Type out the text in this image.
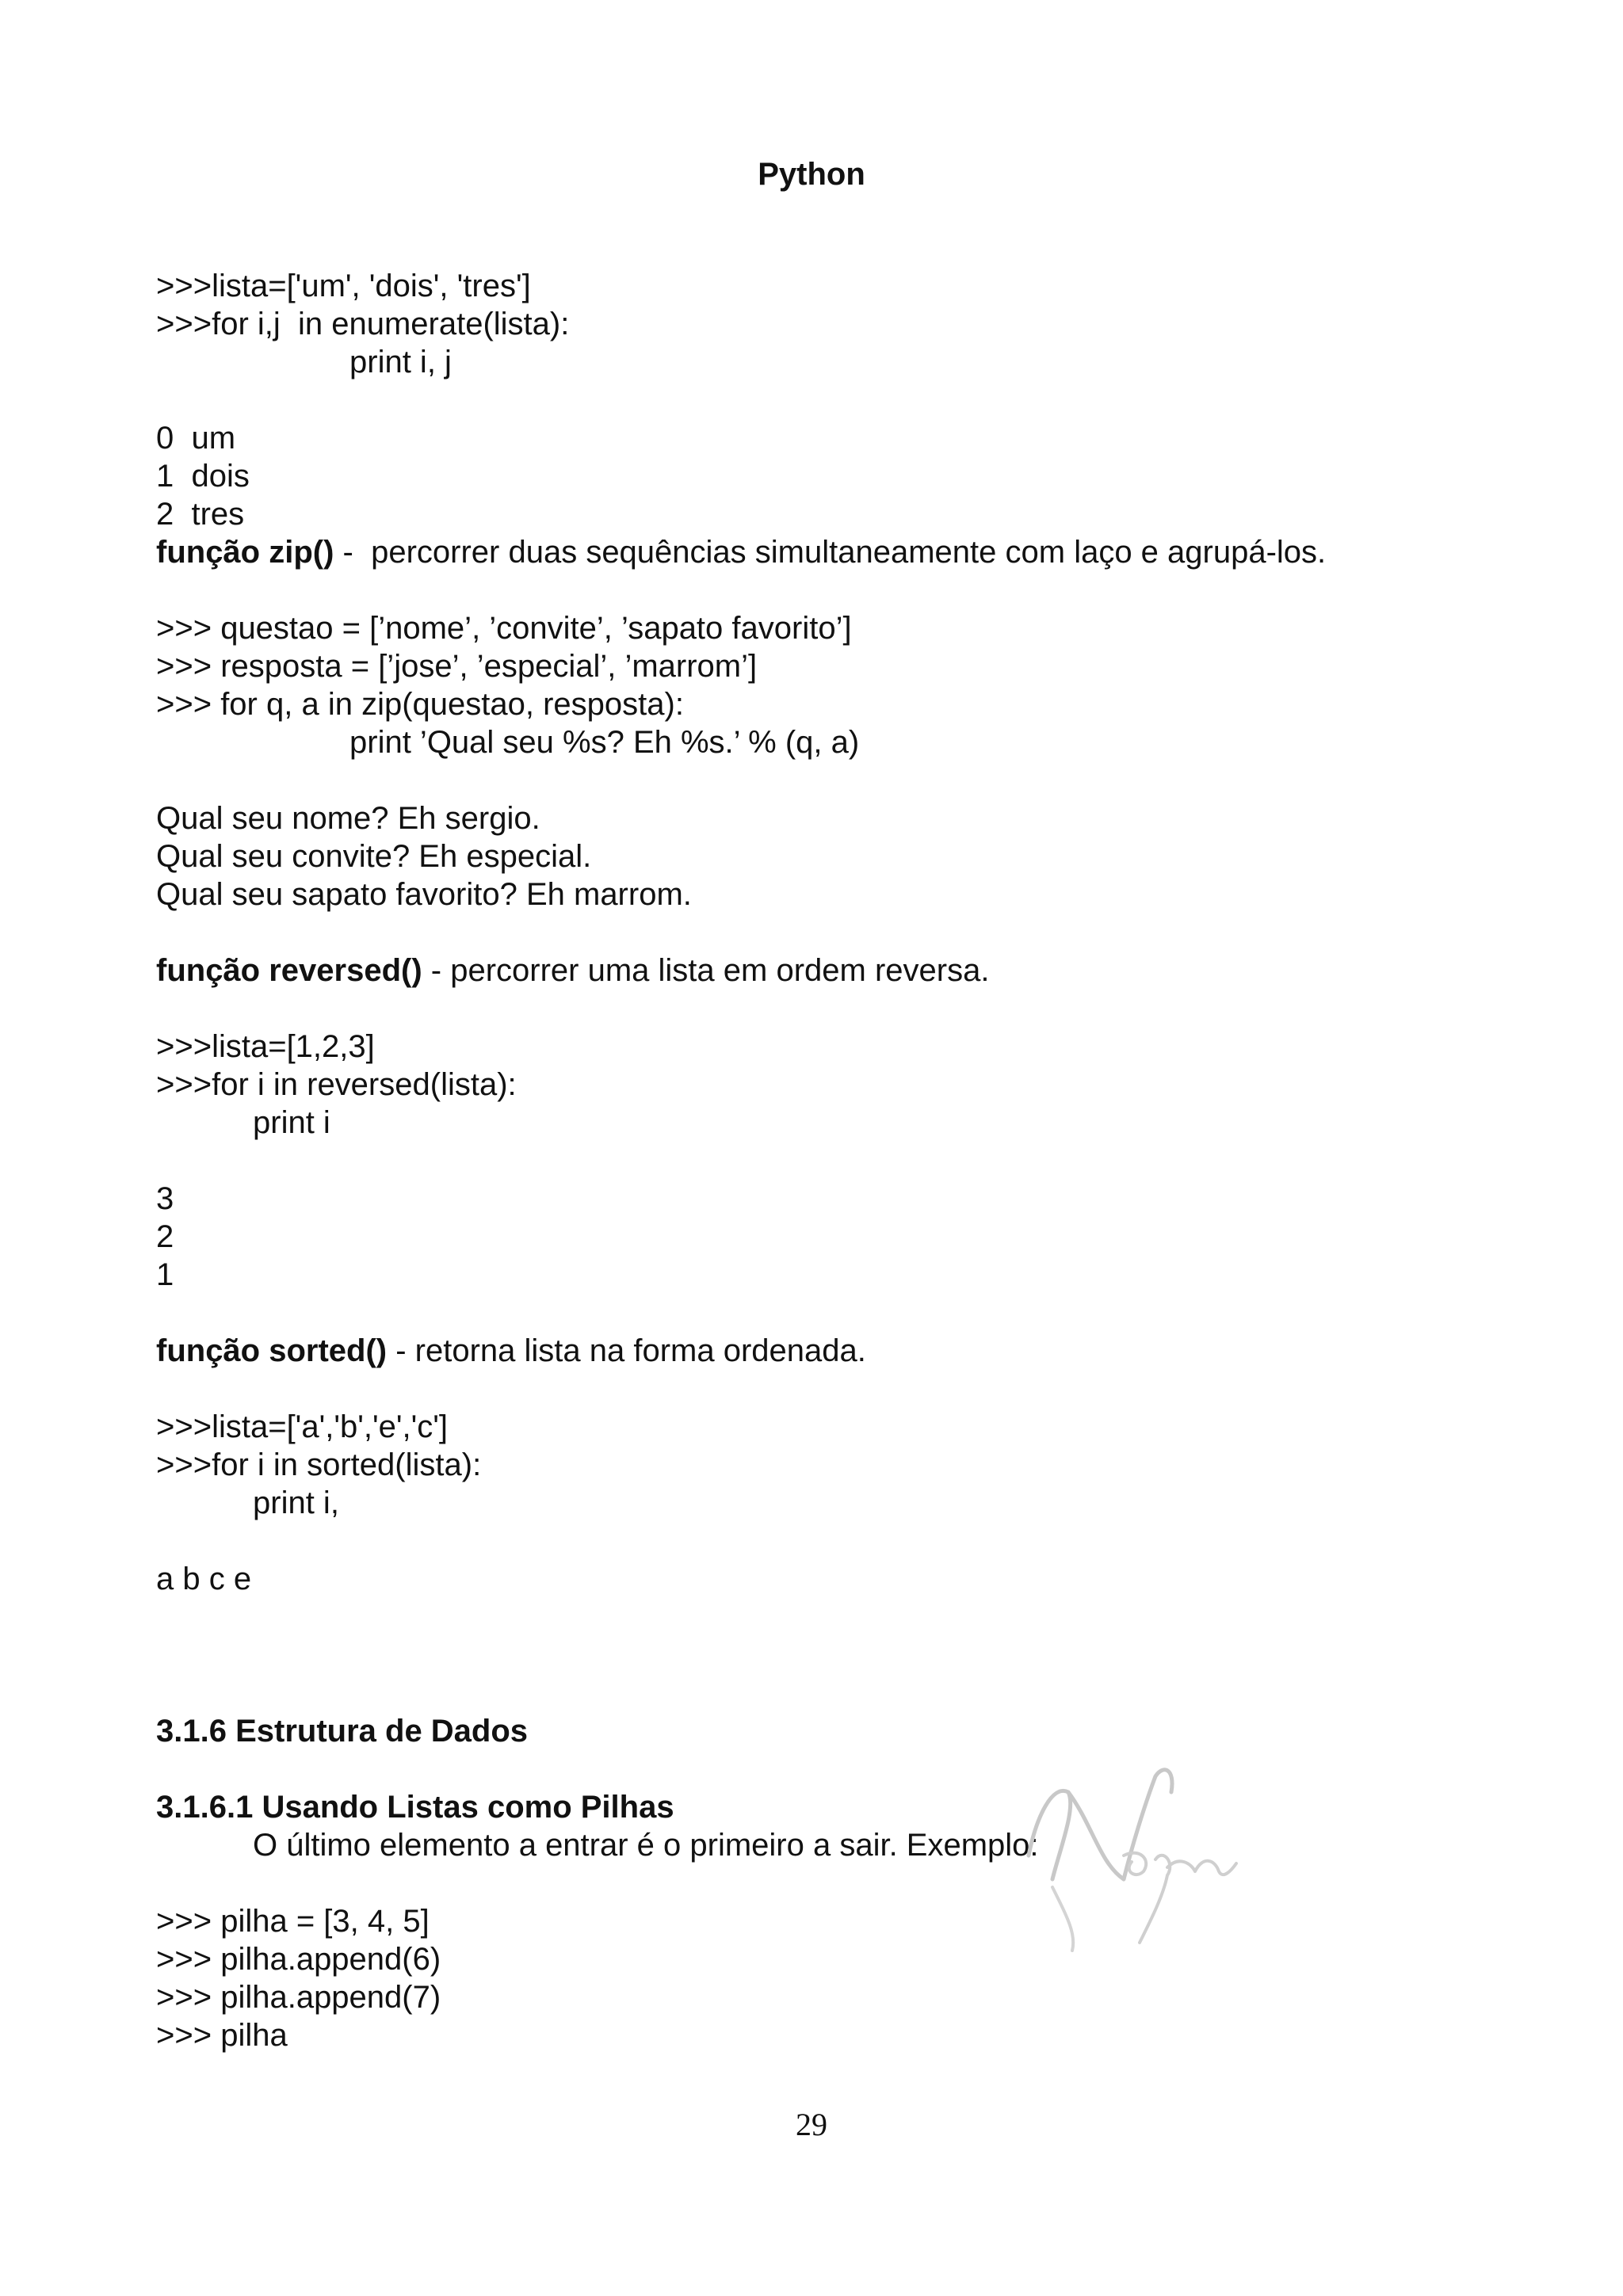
Python
>>>lista=['um', 'dois', 'tres']
>>>for i,j  in enumerate(lista):
print i, j
0  um
1  dois
2  tres
função zip() -  percorrer duas sequências simultaneamente com laço e agrupá-los.
>>> questao = [’nome’, ’convite’, ’sapato favorito’]
>>> resposta = [’jose’, ’especial’, ’marrom’]
>>> for q, a in zip(questao, resposta):
print ’Qual seu %s? Eh %s.’ % (q, a)
Qual seu nome? Eh sergio.
Qual seu convite? Eh especial.
Qual seu sapato favorito? Eh marrom.
função reversed() - percorrer uma lista em ordem reversa.
>>>lista=[1,2,3]
>>>for i in reversed(lista):
print i
3
2
1
função sorted() - retorna lista na forma ordenada.
>>>lista=['a','b','e','c']
>>>for i in sorted(lista):
print i,
a b c e
3.1.6 Estrutura de Dados
3.1.6.1 Usando Listas como Pilhas
O último elemento a entrar é o primeiro a sair. Exemplo:
>>> pilha = [3, 4, 5]
>>> pilha.append(6)
>>> pilha.append(7)
>>> pilha
29
